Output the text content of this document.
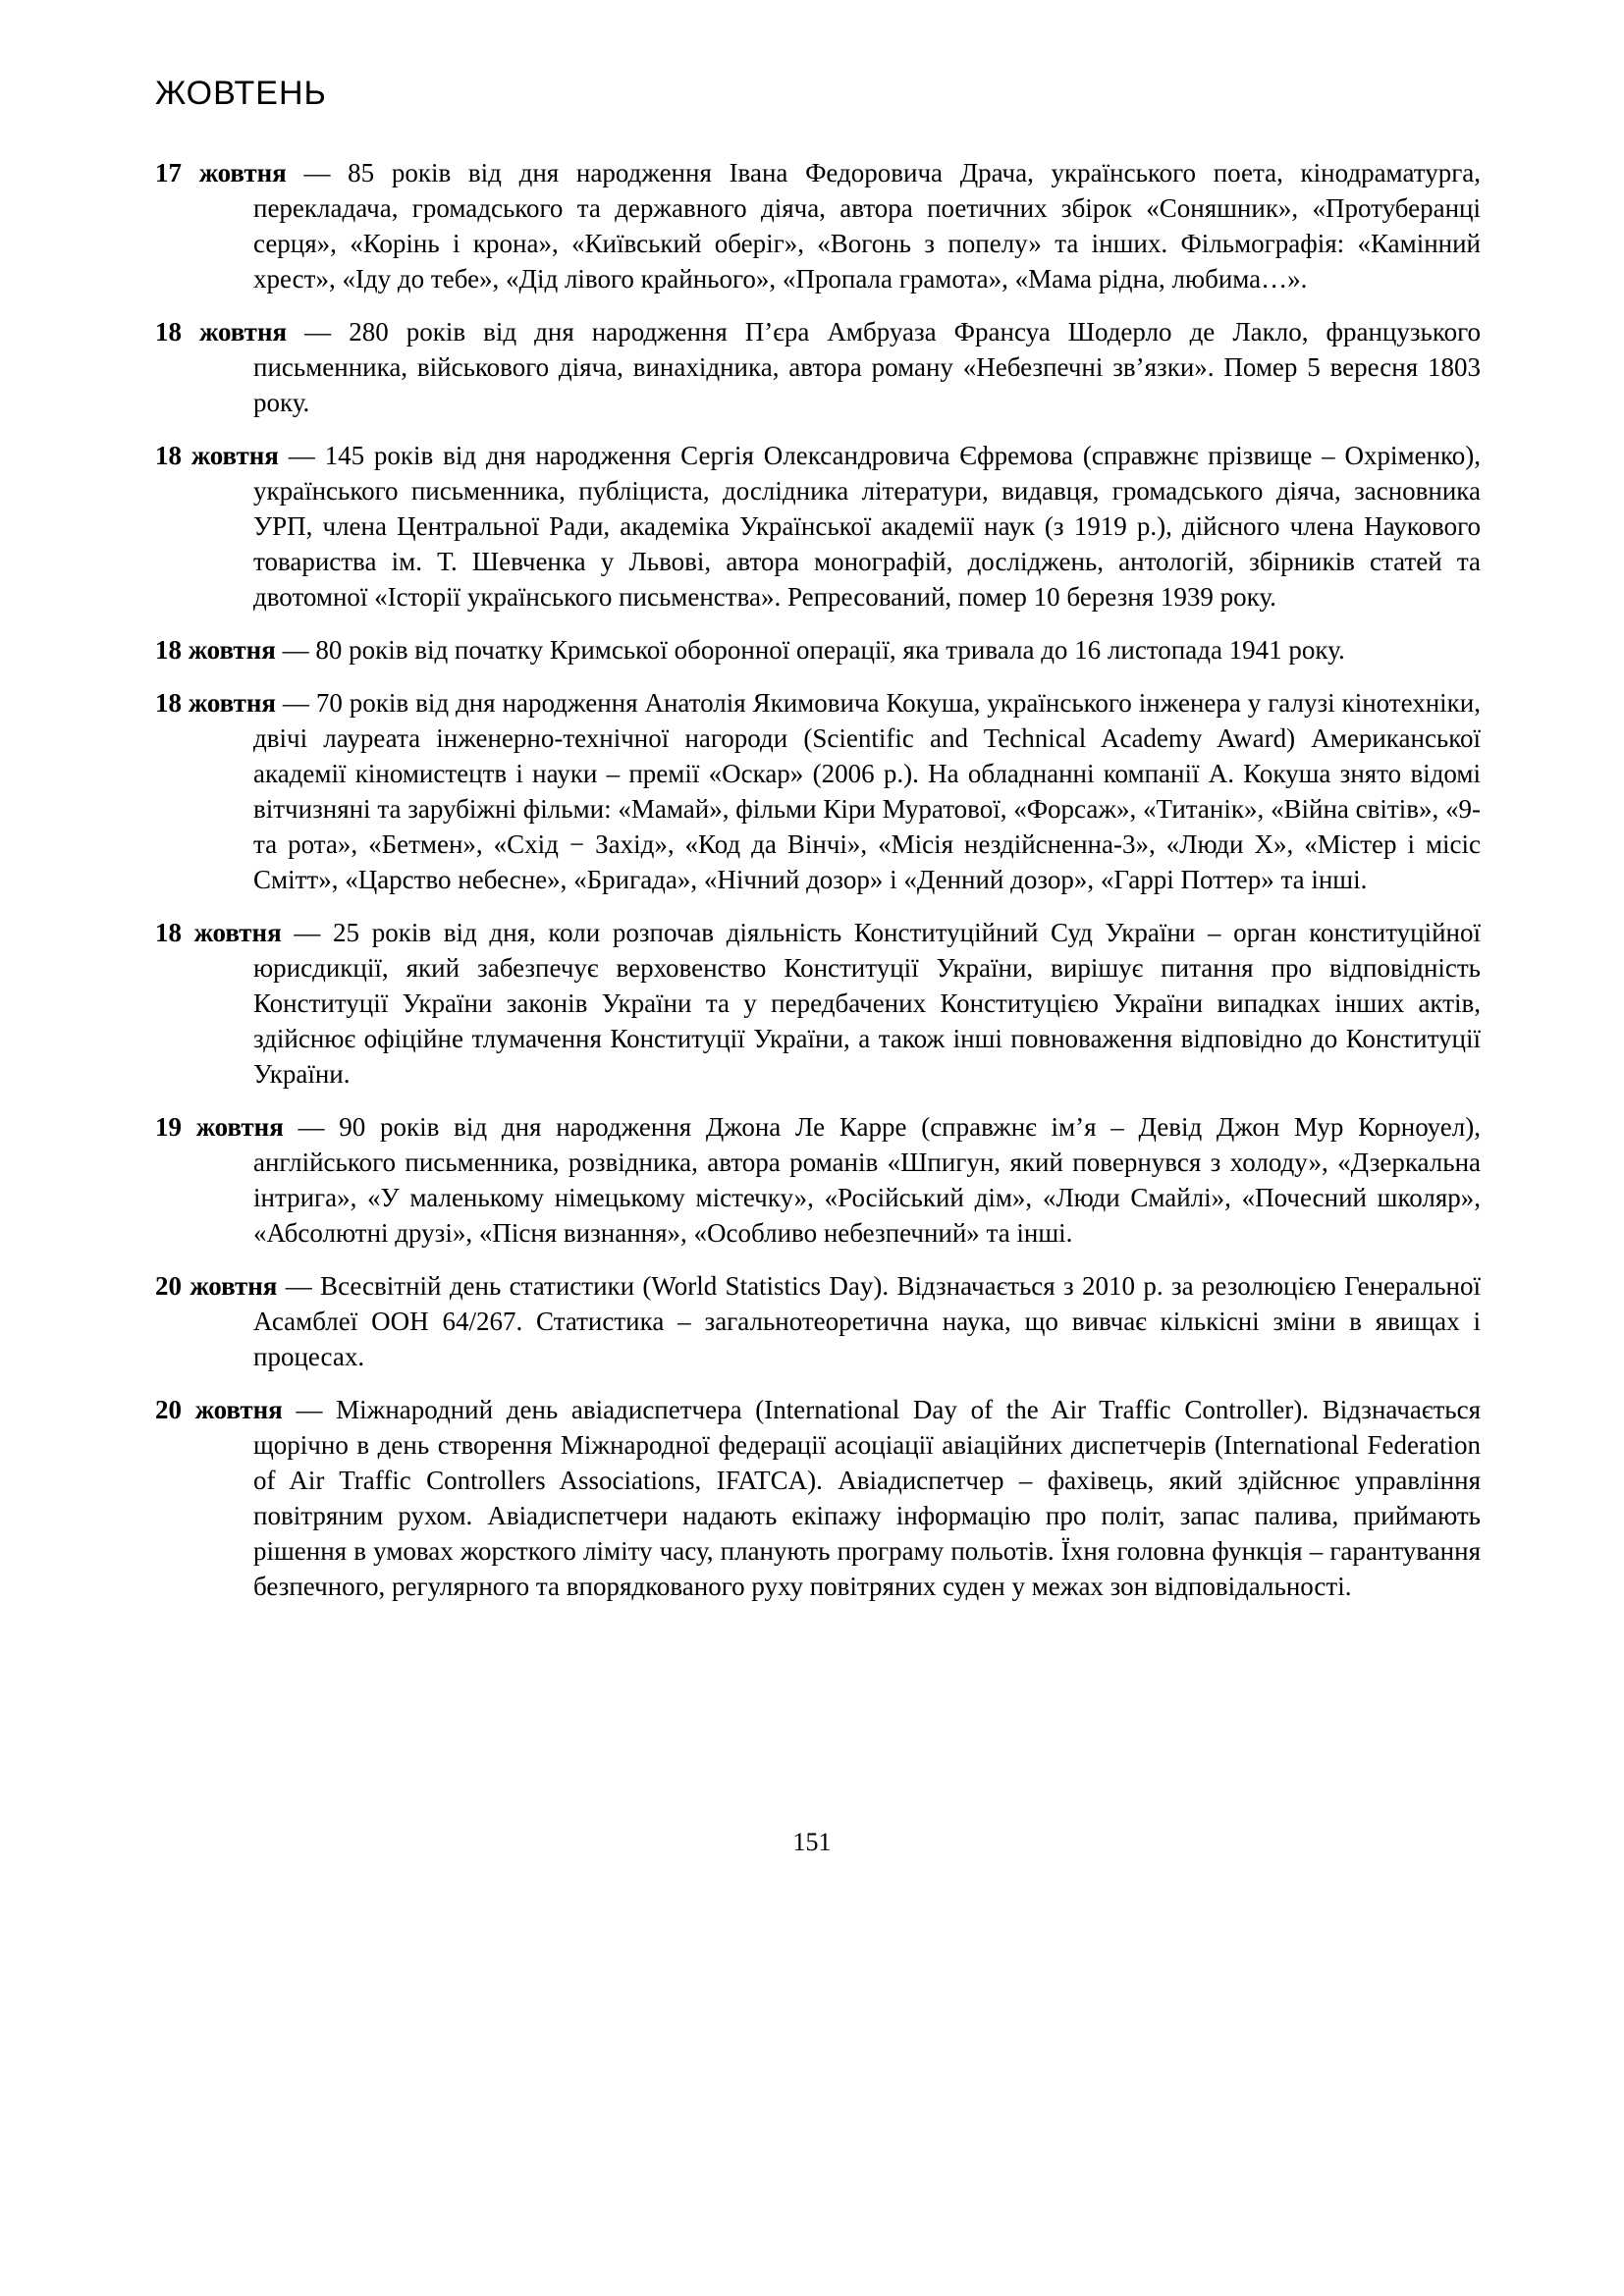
ЖОВТЕНЬ

17 жовтня — 85 років від дня народження Івана Федоровича Драча, українського поета, кінодраматурга, перекладача, громадського та державного діяча, автора поетичних збірок «Соняшник», «Протуберанці серця», «Корінь і крона», «Київський оберіг», «Вогонь з попелу» та інших. Фільмографія: «Камінний хрест», «Іду до тебе», «Дід лівого крайнього», «Пропала грамота», «Мама рідна, любима…».

18 жовтня — 280 років від дня народження П’єра Амбруаза Франсуа Шодерло де Лакло, французького письменника, військового діяча, винахідника, автора роману «Небезпечні зв’язки». Помер 5 вересня 1803 року.

18 жовтня — 145 років від дня народження Сергія Олександровича Єфремова (справжнє прізвище – Охріменко), українського письменника, публіциста, дослідника літератури, видавця, громадського діяча, засновника УРП, члена Центральної Ради, академіка Української академії наук (з 1919 р.), дійсного члена Наукового товариства ім. Т. Шевченка у Львові, автора монографій, досліджень, антологій, збірників статей та двотомної «Історії українського письменства». Репресований, помер 10 березня 1939 року.

18 жовтня — 80 років від початку Кримської оборонної операції, яка тривала до 16 листопада 1941 року.

18 жовтня — 70 років від дня народження Анатолія Якимовича Кокуша, українського інженера у галузі кінотехніки, двічі лауреата інженерно-технічної нагороди (Scientific and Technical Academy Award) Американської академії кіномистецтв і науки – премії «Оскар» (2006 р.). На обладнанні компанії А. Кокуша знято відомі вітчизняні та зарубіжні фільми: «Мамай», фільми Кіри Муратової, «Форсаж», «Титанік», «Війна світів», «9-та рота», «Бетмен», «Схід − Захід», «Код да Вінчі», «Місія нездійсненна-3», «Люди Х», «Містер і місіс Смітт», «Царство небесне», «Бригада», «Нічний дозор» і «Денний дозор», «Гаррі Поттер» та інші.

18 жовтня — 25 років від дня, коли розпочав діяльність Конституційний Суд України – орган конституційної юрисдикції, який забезпечує верховенство Конституції України, вирішує питання про відповідність Конституції України законів України та у передбачених Конституцією України випадках інших актів, здійснює офіційне тлумачення Конституції України, а також інші повноваження відповідно до Конституції України.

19 жовтня — 90 років від дня народження Джона Ле Карре (справжнє ім’я – Девід Джон Мур Корноуел), англійського письменника, розвідника, автора романів «Шпигун, який повернувся з холоду», «Дзеркальна інтрига», «У маленькому німецькому містечку», «Російський дім», «Люди Смайлі», «Почесний школяр», «Абсолютні друзі», «Пісня визнання», «Особливо небезпечний» та інші.

20 жовтня — Всесвітній день статистики (World Statistics Day). Відзначається з 2010 р. за резолюцією Генеральної Асамблеї ООН 64/267. Статистика – загальнотеоретична наука, що вивчає кількісні зміни в явищах і процесах.

20 жовтня — Міжнародний день авіадиспетчера (International Day of the Air Traffic Controller). Відзначається щорічно в день створення Міжнародної федерації асоціації авіаційних диспетчерів (International Federation of Air Traffic Controllers Associations, IFATCA). Авіадиспетчер – фахівець, який здійснює управління повітряним рухом. Авіадиспетчери надають екіпажу інформацію про політ, запас палива, приймають рішення в умовах жорсткого ліміту часу, планують програму польотів. Їхня головна функція – гарантування безпечного, регулярного та впорядкованого руху повітряних суден у межах зон відповідальності.

151
